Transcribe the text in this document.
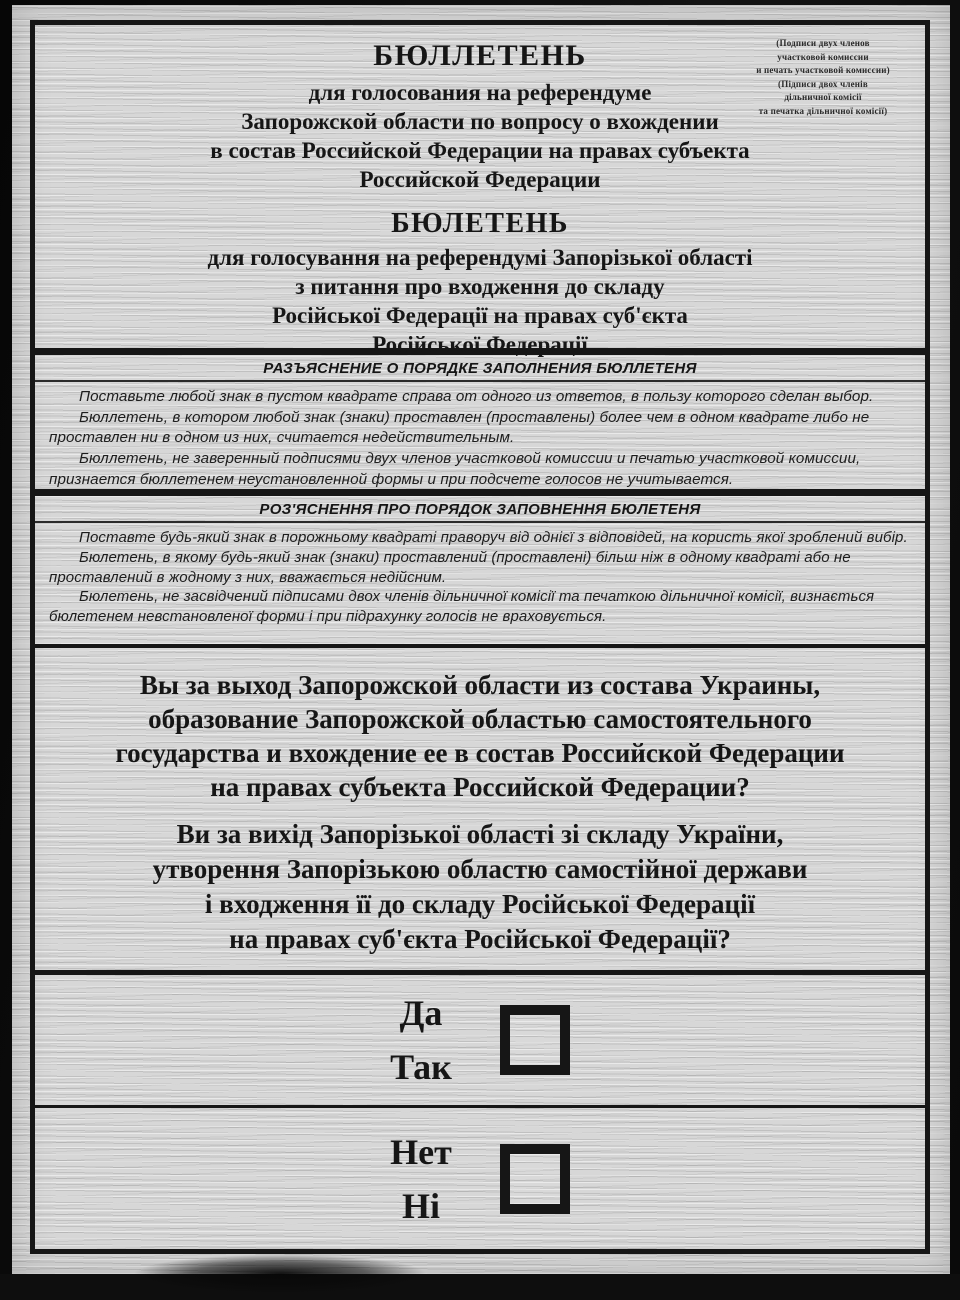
(Подписи двух членов
участковой комиссии
и печать участковой комиссии)
(Підписи двох членів
дільничної комісії
та печатка дільничної комісії)
БЮЛЛЕТЕНЬ
для голосования на референдуме
Запорожской области по вопросу о вхождении
в состав Российской Федерации на правах субъекта
Российской Федерации
БЮЛЕТЕНЬ
для голосування на референдумі Запорізької області
з питання про входження до складу
Російської Федерації на правах суб'єкта
Російської Федерації
РАЗЪЯСНЕНИЕ О ПОРЯДКЕ ЗАПОЛНЕНИЯ БЮЛЛЕТЕНЯ

Поставьте любой знак в пустом квадрате справа от одного из ответов, в пользу которого сделан выбор.

Бюллетень, в котором любой знак (знаки) проставлен (проставлены) более чем в одном квадрате либо не проставлен ни в одном из них, считается недействительным.

Бюллетень, не заверенный подписями двух членов участковой комиссии и печатью участковой комиссии, признается бюллетенем неустановленной формы и при подсчете голосов не учитывается.

РОЗ'ЯСНЕННЯ ПРО ПОРЯДОК ЗАПОВНЕННЯ БЮЛЕТЕНЯ

Поставте будь-який знак в порожньому квадраті праворуч від однієї з відповідей, на користь якої зроблений вибір.

Бюлетень, в якому будь-який знак (знаки) проставлений (проставлені) більш ніж в одному квадраті або не проставлений в жодному з них, вважається недійсним.

Бюлетень, не засвідчений підписами двох членів дільничної комісії та печаткою дільничної комісії, визнається бюлетенем невстановленої форми і при підрахунку голосів не враховується.

Вы за выход Запорожской области из состава Украины,
образование Запорожской областью самостоятельного
государства и вхождение ее в состав Российской Федерации
на правах субъекта Российской Федерации?
Ви за вихід Запорізької області зі складу України,
утворення Запорізькою областю самостійної держави
і входження її до складу Російської Федерації
на правах суб'єкта Російської Федерації?
Да
Так
Нет
Ні
